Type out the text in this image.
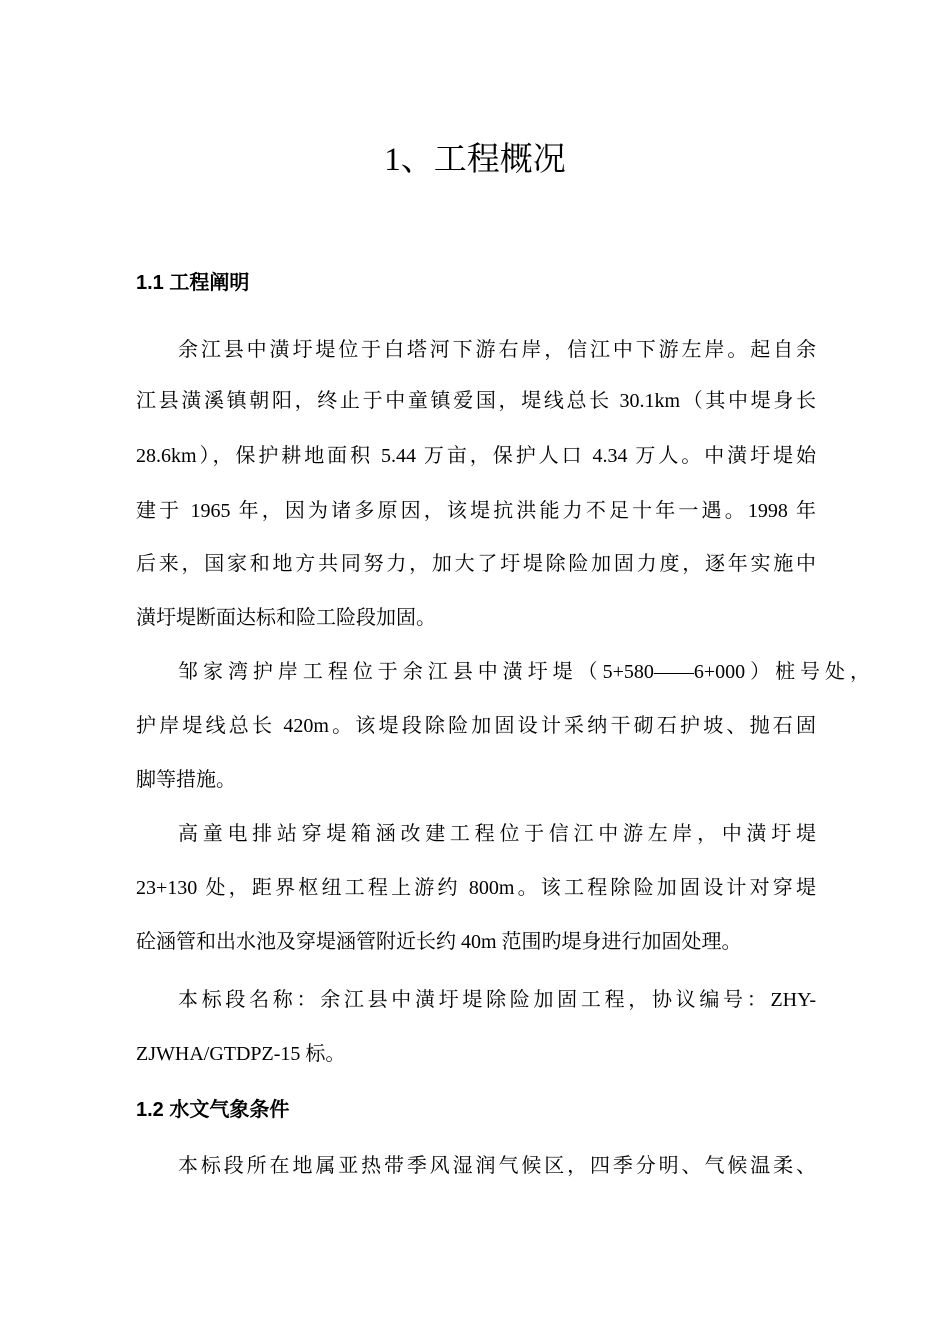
1、工程概况
1.1 工程阐明
余江县中潢圩堤位于白塔河下游右岸，信江中下游左岸。起自余
江县潢溪镇朝阳，终止于中童镇爱国，堤线总长 30.1km（其中堤身长
28.6km），保护耕地面积 5.44 万亩，保护人口 4.34 万人。中潢圩堤始
建于 1965 年，因为诸多原因，该堤抗洪能力不足十年一遇。1998 年
后来，国家和地方共同努力，加大了圩堤除险加固力度，逐年实施中
潢圩堤断面达标和险工险段加固。
邹家湾护岸工程位于余江县中潢圩堤（5+580——6+000）桩号处，
护岸堤线总长 420m。该堤段除险加固设计采纳干砌石护坡、抛石固
脚等措施。
高童电排站穿堤箱涵改建工程位于信江中游左岸，中潢圩堤
23+130 处，距界枢纽工程上游约 800m。该工程除险加固设计对穿堤
砼涵管和出水池及穿堤涵管附近长约 40m 范围旳堤身进行加固处理。
本标段名称：余江县中潢圩堤除险加固工程，协议编号：ZHY-
ZJWHA/GTDPZ-15 标。
1.2 水文气象条件
本标段所在地属亚热带季风湿润气候区，四季分明、气候温柔、
